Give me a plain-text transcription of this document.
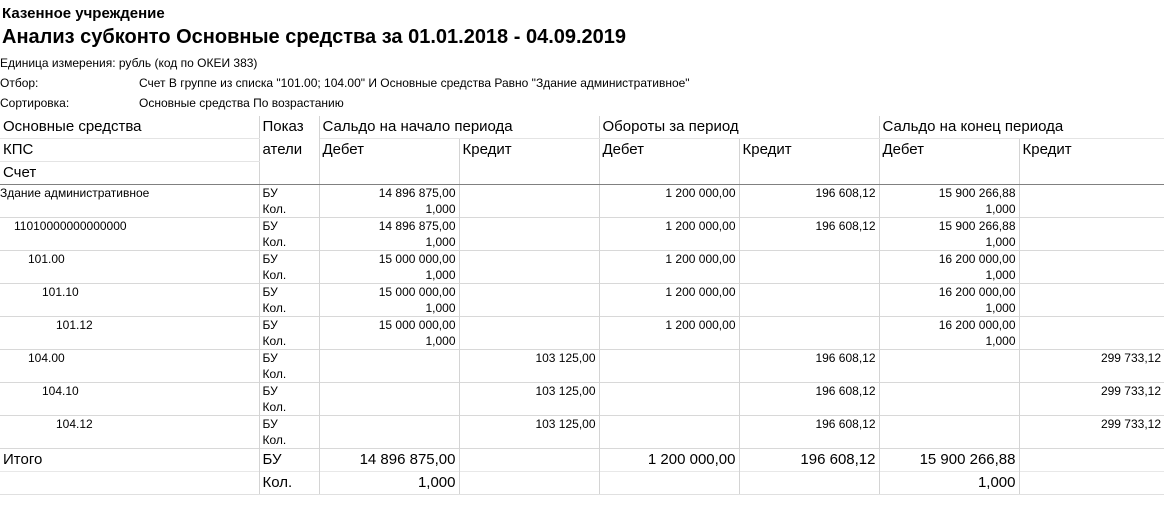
Казенное учреждение
Анализ субконто Основные средства за 01.01.2018 - 04.09.2019
Единица измерения: рубль (код по ОКЕИ 383)
Отбор:	Счет В группе из списка "101.00; 104.00" И Основные средства Равно "Здание административное"
Сортировка:	Основные средства По возрастанию
Основные средства	Показ	Сальдо на начало периода		Обороты за период		Сальдо на конец периода	
КПС	атели	Дебет	Кредит	Дебет	Кредит	Дебет	Кредит
Счет							
Здание административное	БУ	14 896 875,00		1 200 000,00	196 608,12	15 900 266,88	
	Кол.	1,000				1,000	
11010000000000000	БУ	14 896 875,00		1 200 000,00	196 608,12	15 900 266,88	
	Кол.	1,000				1,000	
101.00	БУ	15 000 000,00		1 200 000,00		16 200 000,00	
	Кол.	1,000				1,000	
101.10	БУ	15 000 000,00		1 200 000,00		16 200 000,00	
	Кол.	1,000				1,000	
101.12	БУ	15 000 000,00		1 200 000,00		16 200 000,00	
	Кол.	1,000				1,000	
104.00	БУ		103 125,00		196 608,12		299 733,12
	Кол.						
104.10	БУ		103 125,00		196 608,12		299 733,12
	Кол.						
104.12	БУ		103 125,00		196 608,12		299 733,12
	Кол.						
Итого	БУ	14 896 875,00		1 200 000,00	196 608,12	15 900 266,88	
	Кол.	1,000				1,000	
